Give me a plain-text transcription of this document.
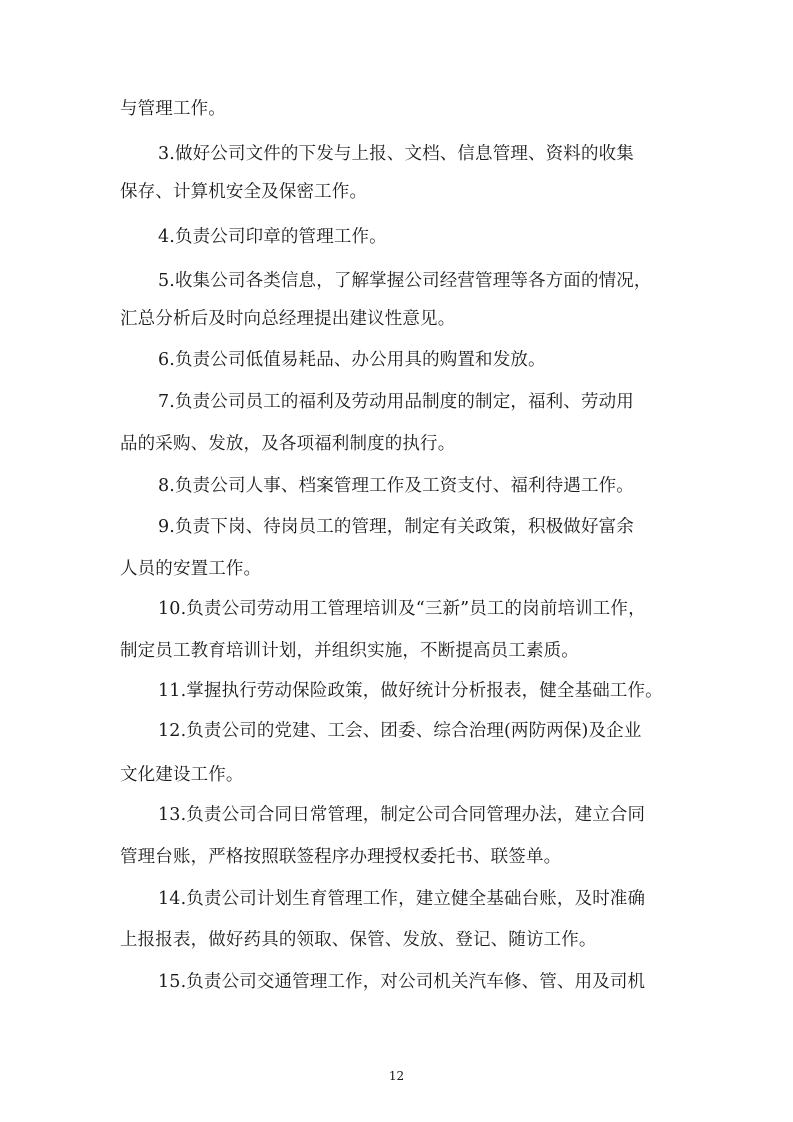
与管理工作。
3.做好公司文件的下发与上报、文档、信息管理、资料的收集
保存、计算机安全及保密工作。
4.负责公司印章的管理工作。
5.收集公司各类信息，了解掌握公司经营管理等各方面的情况，
汇总分析后及时向总经理提出建议性意见。
6.负责公司低值易耗品、办公用具的购置和发放。
7.负责公司员工的福利及劳动用品制度的制定，福利、劳动用
品的采购、发放，及各项福利制度的执行。
8.负责公司人事、档案管理工作及工资支付、福利待遇工作。
9.负责下岗、待岗员工的管理，制定有关政策，积极做好富余
人员的安置工作。
10.负责公司劳动用工管理培训及“三新”员工的岗前培训工作，
制定员工教育培训计划，并组织实施，不断提高员工素质。
11.掌握执行劳动保险政策，做好统计分析报表，健全基础工作。
12.负责公司的党建、工会、团委、综合治理(两防两保)及企业
文化建设工作。
13.负责公司合同日常管理，制定公司合同管理办法，建立合同
管理台账，严格按照联签程序办理授权委托书、联签单。
14.负责公司计划生育管理工作，建立健全基础台账，及时准确
上报报表，做好药具的领取、保管、发放、登记、随访工作。
15.负责公司交通管理工作，对公司机关汽车修、管、用及司机
12
